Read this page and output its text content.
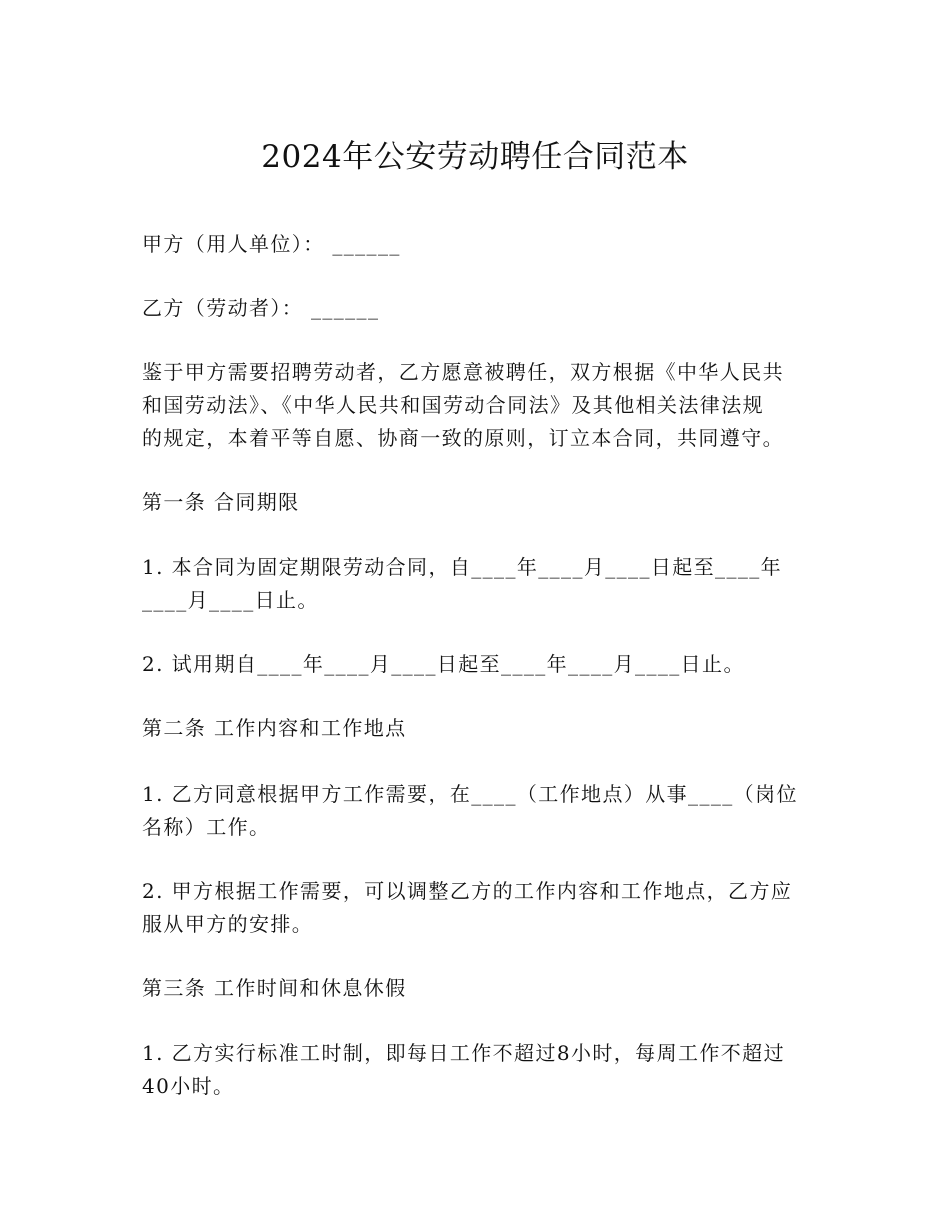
2024年公安劳动聘任合同范本
甲方（用人单位）： ______
乙方（劳动者）： ______
鉴于甲方需要招聘劳动者，乙方愿意被聘任，双方根据《中华人民共
和国劳动法》、《中华人民共和国劳动合同法》及其他相关法律法规
的规定，本着平等自愿、协商一致的原则，订立本合同，共同遵守。
第一条 合同期限
1. 本合同为固定期限劳动合同，自____年____月____日起至____年
____月____日止。
2. 试用期自____年____月____日起至____年____月____日止。
第二条 工作内容和工作地点
1. 乙方同意根据甲方工作需要，在____（工作地点）从事____（岗位
名称）工作。
2. 甲方根据工作需要，可以调整乙方的工作内容和工作地点，乙方应
服从甲方的安排。
第三条 工作时间和休息休假
1. 乙方实行标准工时制，即每日工作不超过8小时，每周工作不超过
40小时。
